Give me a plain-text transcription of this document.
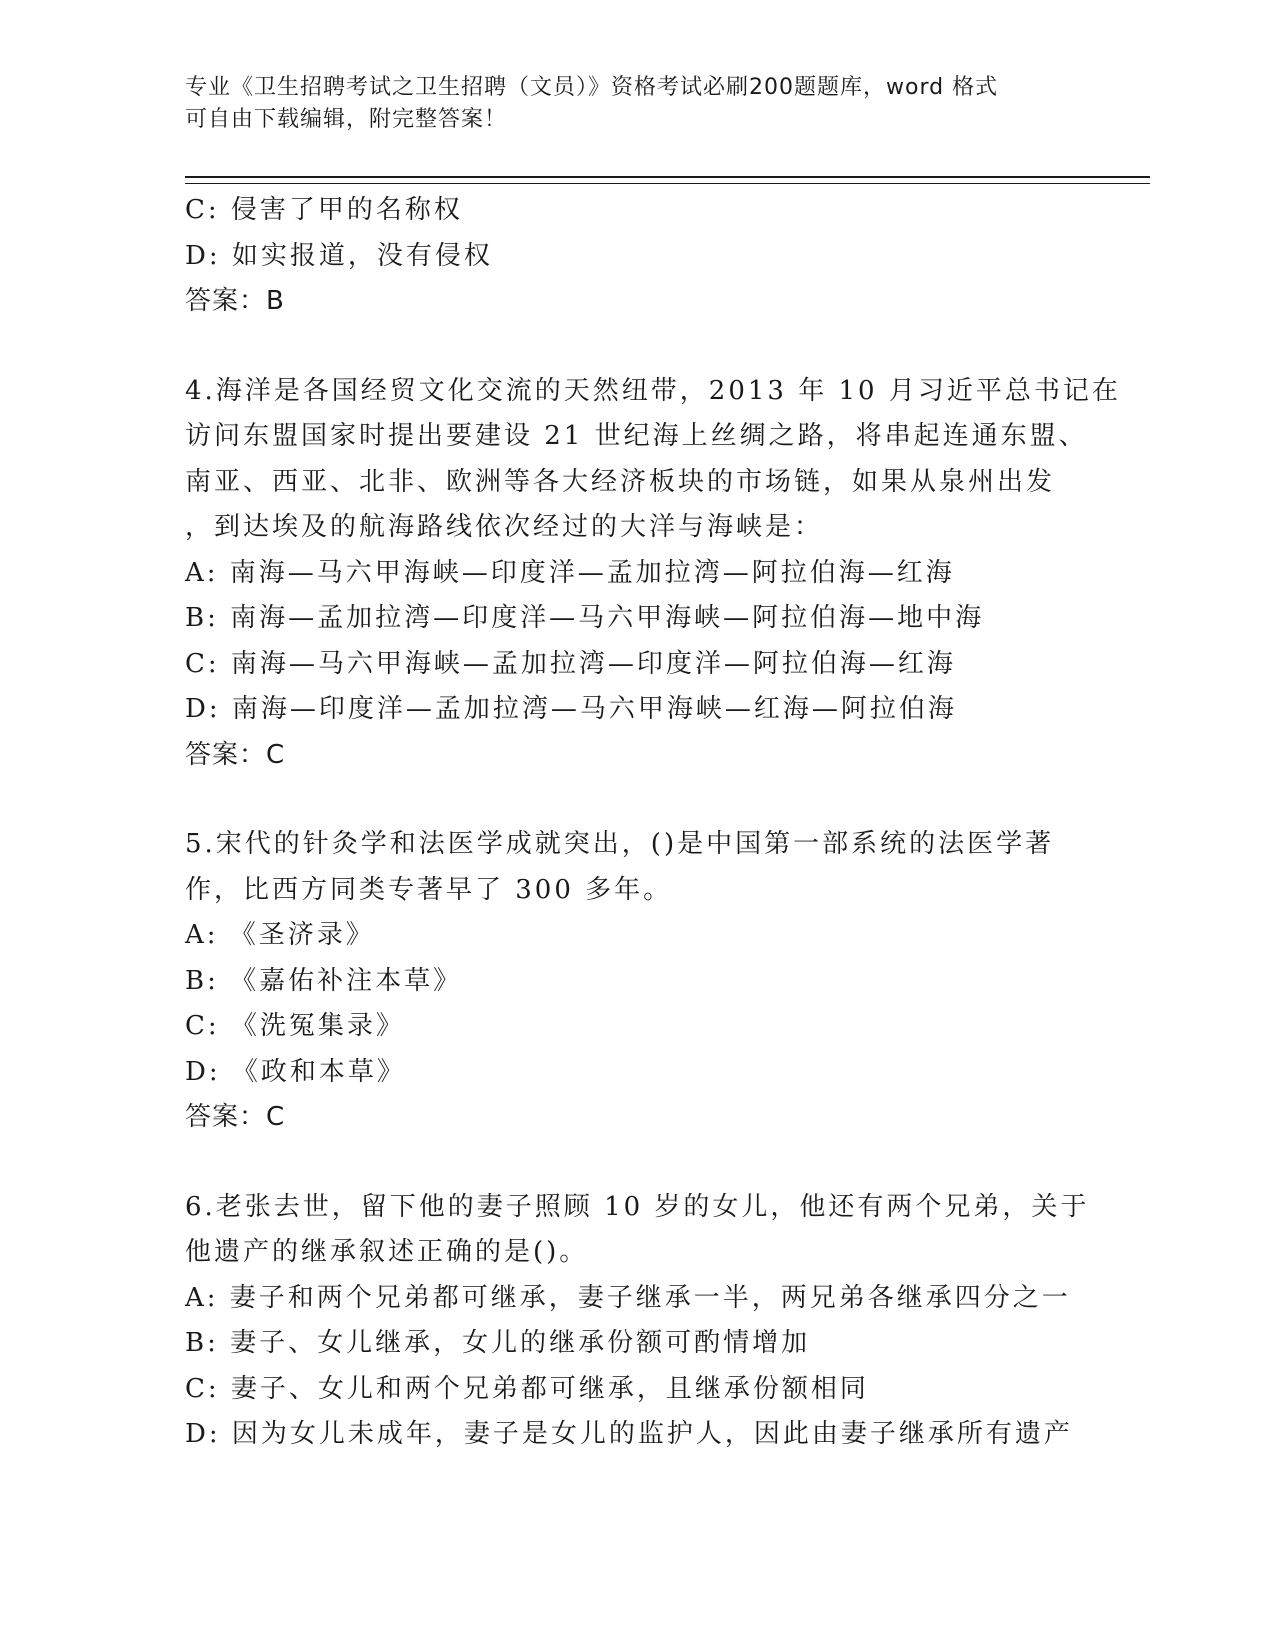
专业《卫生招聘考试之卫生招聘（文员）》资格考试必刷200题题库，word 格式
可自由下载编辑，附完整答案！
C: 侵害了甲的名称权
D: 如实报道，没有侵权
答案：B
4.海洋是各国经贸文化交流的天然纽带，2013 年 10 月习近平总书记在
访问东盟国家时提出要建设 21 世纪海上丝绸之路，将串起连通东盟、
南亚、西亚、北非、欧洲等各大经济板块的市场链，如果从泉州出发
，到达埃及的航海路线依次经过的大洋与海峡是：
A: 南海—马六甲海峡—印度洋—孟加拉湾—阿拉伯海—红海
B: 南海—孟加拉湾—印度洋—马六甲海峡—阿拉伯海—地中海
C: 南海—马六甲海峡—孟加拉湾—印度洋—阿拉伯海—红海
D: 南海—印度洋—孟加拉湾—马六甲海峡—红海—阿拉伯海
答案：C
5.宋代的针灸学和法医学成就突出，()是中国第一部系统的法医学著
作，比西方同类专著早了 300 多年。
A: 《圣济录》
B: 《嘉佑补注本草》
C: 《洗冤集录》
D: 《政和本草》
答案：C
6.老张去世，留下他的妻子照顾 10 岁的女儿，他还有两个兄弟，关于
他遗产的继承叙述正确的是()。
A: 妻子和两个兄弟都可继承，妻子继承一半，两兄弟各继承四分之一
B: 妻子、女儿继承，女儿的继承份额可酌情增加
C: 妻子、女儿和两个兄弟都可继承，且继承份额相同
D: 因为女儿未成年，妻子是女儿的监护人，因此由妻子继承所有遗产
